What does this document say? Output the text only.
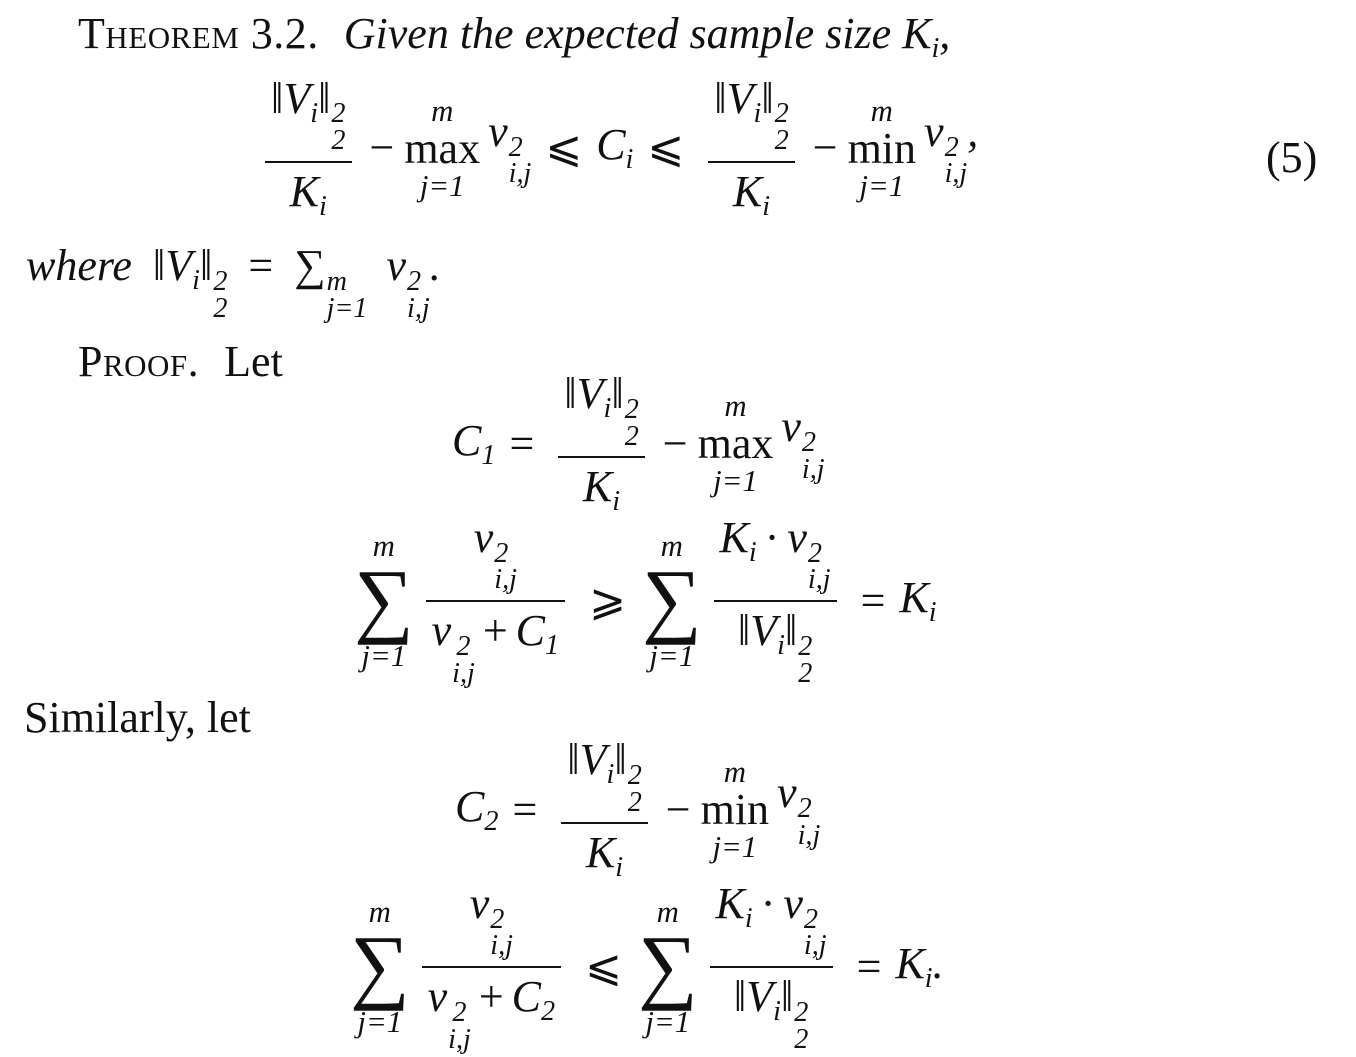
Theorem 3.2. Given the expected sample size $K_i$,
$‖V_i‖$ 2
2
$K_i$ −
m
max
j=1
v 2
i,j
⩽ $C_i$ ⩽ $‖V_i‖$ 2
2
$K_i$ −
m
min
j=1
v 2
i,j
,
(5)
where $‖V_i‖$ 2
2
= ∑ m
j=1
v 2
i,j
.
Proof. Let
$C_1$ = $‖V_i‖$ 2
2
$K_i$ −
m
max
j=1
v 2
i,j
m
∑
j=1 v 2
i,j
v 2
i,j
+ $C_1$ ⩾
m
∑
j=1 $K_i \cdot v$ 2
i,j
$‖V_i‖$ 2
$2 = K_i$
Similarly, let
$C_2$ = $‖V_i‖$ 2
2
$K_i$ −
m
min
j=1
v 2
i,j
m
∑
j=1 v 2
i,j
v 2
i,j
+ $C_2$ ⩽
m
∑
j=1 $K_i \cdot v$ 2
i,j
$‖V_i‖$ 2
$2 = K_i$.
